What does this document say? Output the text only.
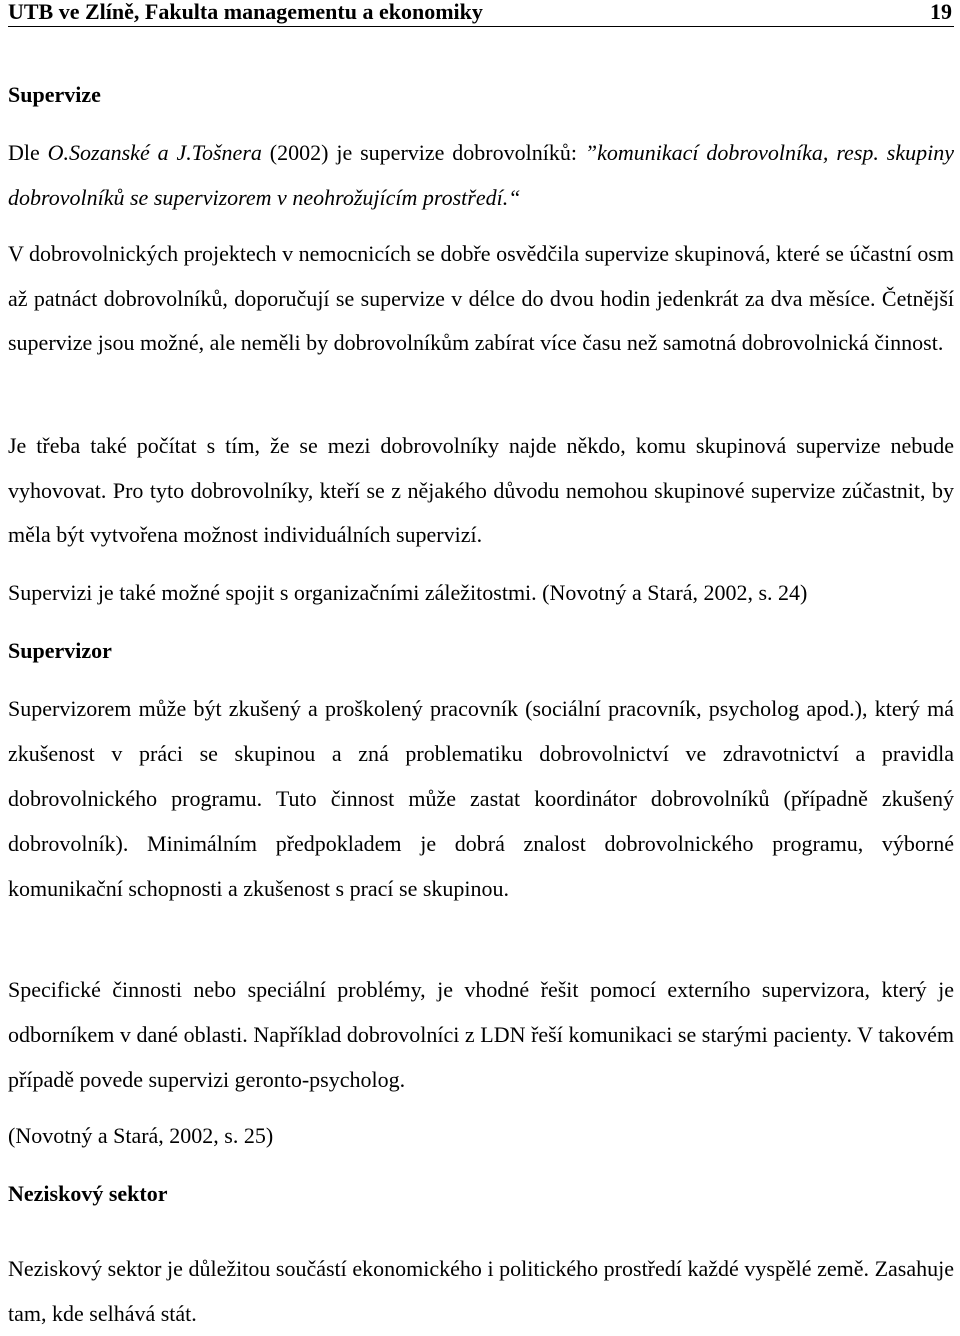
UTB ve Zlíně, Fakulta managementu a ekonomiky	19
Supervize

Dle O.Sozanské a J.Tošnera (2002) je supervize dobrovolníků: ”komunikací dobrovolníka, resp. skupiny dobrovolníků se supervizorem v neohrožujícím prostředí.“

V dobrovolnických projektech v nemocnicích se dobře osvědčila supervize skupinová, které se účastní osm až patnáct dobrovolníků, doporučují se supervize v délce do dvou hodin jedenkrát za dva měsíce. Četnější supervize jsou možné, ale neměli by dobrovolníkům zabírat více času než samotná dobrovolnická činnost.

Je třeba také počítat s tím, že se mezi dobrovolníky najde někdo, komu skupinová supervize nebude vyhovovat. Pro tyto dobrovolníky, kteří se z nějakého důvodu nemohou skupinové supervize zúčastnit, by měla být vytvořena možnost individuálních supervizí.

Supervizi je také možné spojit s organizačními záležitostmi. (Novotný a Stará, 2002, s. 24)

Supervizor

Supervizorem může být zkušený a proškolený pracovník (sociální pracovník, psycholog apod.), který má zkušenost v práci se skupinou a zná problematiku dobrovolnictví ve zdravotnictví a pravidla dobrovolnického programu. Tuto činnost může zastat koordinátor dobrovolníků (případně zkušený dobrovolník). Minimálním předpokladem je dobrá znalost dobrovolnického programu, výborné komunikační schopnosti a zkušenost s prací se skupinou.

Specifické činnosti nebo speciální problémy, je vhodné řešit pomocí externího supervizora, který je odborníkem v dané oblasti. Například dobrovolníci z LDN řeší komunikaci se starými pacienty. V takovém případě povede supervizi geronto-psycholog.

(Novotný a Stará, 2002, s. 25)

Neziskový sektor

Neziskový sektor je důležitou součástí ekonomického i politického prostředí každé vyspělé země. Zasahuje tam, kde selhává stát.
